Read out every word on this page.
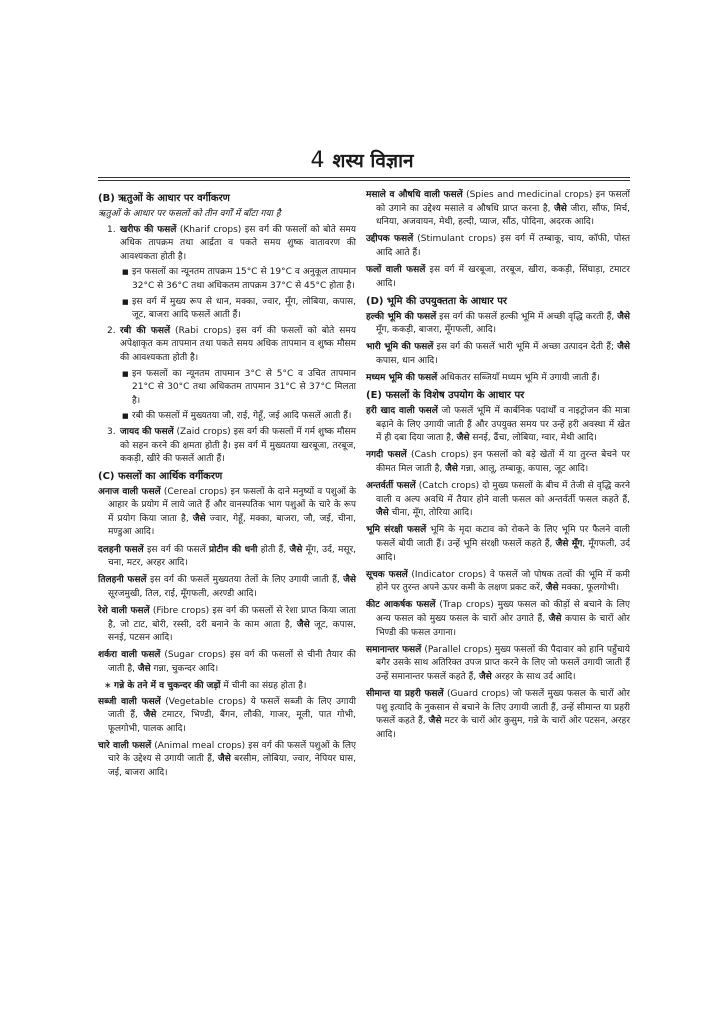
4 शस्य विज्ञान
(B) ऋतुओं के आधार पर वर्गीकरण
ऋतुओं के आधार पर फसलों को तीन वर्गों में बाँटा गया है
1. खरीफ की फसलें (Kharif crops) इस वर्ग की फसलों को बोते समय अधिक तापक्रम तथा आर्द्रता व पकते समय शुष्क वातावरण की आवश्यकता होती है।
■ इन फसलों का न्यूनतम तापक्रम 15°C से 19°C व अनुकूल तापमान 32°C से 36°C तथा अधिकतम तापक्रम 37°C से 45°C होता है।
■ इस वर्ग में मुख्य रूप से धान, मक्का, ज्वार, मूँग, लोबिया, कपास, जूट, बाजरा आदि फसलें आती हैं।
2. रबी की फसलें (Rabi crops) इस वर्ग की फसलों को बोते समय अपेक्षाकृत कम तापमान तथा पकते समय अधिक तापमान व शुष्क मौसम की आवश्यकता होती है।
■ इन फसलों का न्यूनतम तापमान 3°C से 5°C व उचित तापमान 21°C से 30°C तथा अधिकतम तापमान 31°C से 37°C मिलता है।
■ रबी की फसलों में मुख्यतया जौ, राई, गेहूँ, जई आदि फसलें आती हैं।
3. जायद की फसलें (Zaid crops) इस वर्ग की फसलों में गर्म शुष्क मौसम को सहन करने की क्षमता होती है। इस वर्ग में मुख्यतया खरबूजा, तरबूज, ककड़ी, खीरे की फसलें आती हैं।
(C) फसलों का आर्थिक वर्गीकरण
अनाज वाली फसलें (Cereal crops) इन फसलों के दाने मनुष्यों व पशुओं के आहार के प्रयोग में लाये जाते हैं और वानस्पतिक भाग पशुओं के चारे के रूप में प्रयोग किया जाता है, जैसे ज्वार, गेहूँ, मक्का, बाजरा, जौ, जई, चीना, मण्डुआ आदि।
दलहनी फसलें इस वर्ग की फसलें प्रोटीन की धनी होती हैं, जैसे मूँग, उर्द, मसूर, चना, मटर, अरहर आदि।
तिलहनी फसलें इस वर्ग की फसलें मुख्यतया तेलों के लिए उगायी जाती हैं, जैसे सूरजमुखी, तिल, राई, मूँगफली, अरण्डी आदि।
रेशे वाली फसलें (Fibre crops) इस वर्ग की फसलों से रेशा प्राप्त किया जाता है, जो टाट, बोरी, रस्सी, दरी बनाने के काम आता है, जैसे जूट, कपास, सनई, पटसन आदि।
शर्करा वाली फसलें (Sugar crops) इस वर्ग की फसलों से चीनी तैयार की जाती है, जैसे गन्ना, चुकन्दर आदि।
∗ गन्ने के तने में व चुकन्दर की जड़ों में चीनी का संग्रह होता है।
सब्जी वाली फसलें (Vegetable crops) ये फसलें सब्जी के लिए उगायी जाती हैं, जैसे टमाटर, भिण्डी, बैंगन, लौकी, गाजर, मूली, पात गोभी, फूलगोभी, पालक आदि।
चारे वाली फसलें (Animal meal crops) इस वर्ग की फसलें पशुओं के लिए चारे के उद्देश्य से उगायी जाती हैं, जैसे बरसीम, लोबिया, ज्वार, नेपियर घास, जई, बाजरा आदि।
मसाले व औषधि वाली फसलें (Spies and medicinal crops) इन फसलों को उगाने का उद्देश्य मसाले व औषधि प्राप्त करना है, जैसे जीरा, सौंफ, मिर्च, धनिया, अजवायन, मेथी, हल्दी, प्याज, सौंठ, पोदिना, अदरक आदि।
उद्दीपक फसलें (Stimulant crops) इस वर्ग में तम्बाकू, चाय, कॉफी, पोस्त आदि आते हैं।
फलों वाली फसलें इस वर्ग में खरबूजा, तरबूज, खीरा, ककड़ी, सिंघाड़ा, टमाटर आदि।
(D) भूमि की उपयुक्तता के आधार पर
हल्की भूमि की फसलें इस वर्ग की फसलें हल्की भूमि में अच्छी वृद्धि करती हैं, जैसे मूँग, ककड़ी, बाजरा, मूँगफली, आदि।
भारी भूमि की फसलें इस वर्ग की फसलें भारी भूमि में अच्छा उत्पादन देती हैं; जैसे कपास, धान आदि।
मध्यम भूमि की फसलें अधिकतर सब्जियाँ मध्यम भूमि में उगायी जाती हैं।
(E) फसलों के विशेष उपयोग के आधार पर
हरी खाद वाली फसलें जो फसलें भूमि में कार्बनिक पदार्थों व नाइट्रोजन की मात्रा बढ़ाने के लिए उगायी जाती हैं और उपयुक्त समय पर उन्हें हरी अवस्था में खेत में ही दबा दिया जाता है, जैसे सनई, ढैंचा, लोबिया, ग्वार, मेथी आदि।
नगदी फसलें (Cash crops) इन फसलों को बड़े खेतों में या तुरन्त बेचने पर कीमत मिल जाती है, जैसे गन्ना, आलू, तम्बाकू, कपास, जूट आदि।
अन्तर्वर्ती फसलें (Catch crops) दो मुख्य फसलों के बीच में तेजी से वृद्धि करने वाली व अल्प अवधि में तैयार होने वाली फसल को अन्तर्वर्ती फसल कहते हैं, जैसे चीना, मूँग, तोरिया आदि।
भूमि संरक्षी फसलें भूमि के मृदा कटाव को रोकने के लिए भूमि पर फैलने वाली फसलें बोयी जाती हैं। उन्हें भूमि संरक्षी फसलें कहते हैं, जैसे मूँग, मूँगफली, उर्द आदि।
सूचक फसलें (Indicator crops) वे फसलें जो पोषक तत्वों की भूमि में कमी होने पर तुरन्त अपने ऊपर कमी के लक्षण प्रकट करें, जैसे मक्का, फूलगोभी।
कीट आकर्षक फसलें (Trap crops) मुख्य फसल को कीड़ों से बचाने के लिए अन्य फसल को मुख्य फसल के चारों ओर उगाते हैं, जैसे कपास के चारों ओर भिण्डी की फसल उगाना।
समानान्तर फसलें (Parallel crops) मुख्य फसलों की पैदावार को हानि पहुँचाये बगैर उसके साथ अतिरिक्त उपज प्राप्त करने के लिए जो फसलें उगायी जाती हैं उन्हें समानान्तर फसलें कहते हैं, जैसे अरहर के साथ उर्द आदि।
सीमान्त या प्रहरी फसलें (Guard crops) जो फसलें मुख्य फसल के चारों ओर पशु इत्यादि के नुकसान से बचाने के लिए उगायी जाती हैं, उन्हें सीमान्त या प्रहरी फसलें कहते हैं, जैसे मटर के चारों ओर कुसुम, गन्ने के चारों ओर पटसन, अरहर आदि।
